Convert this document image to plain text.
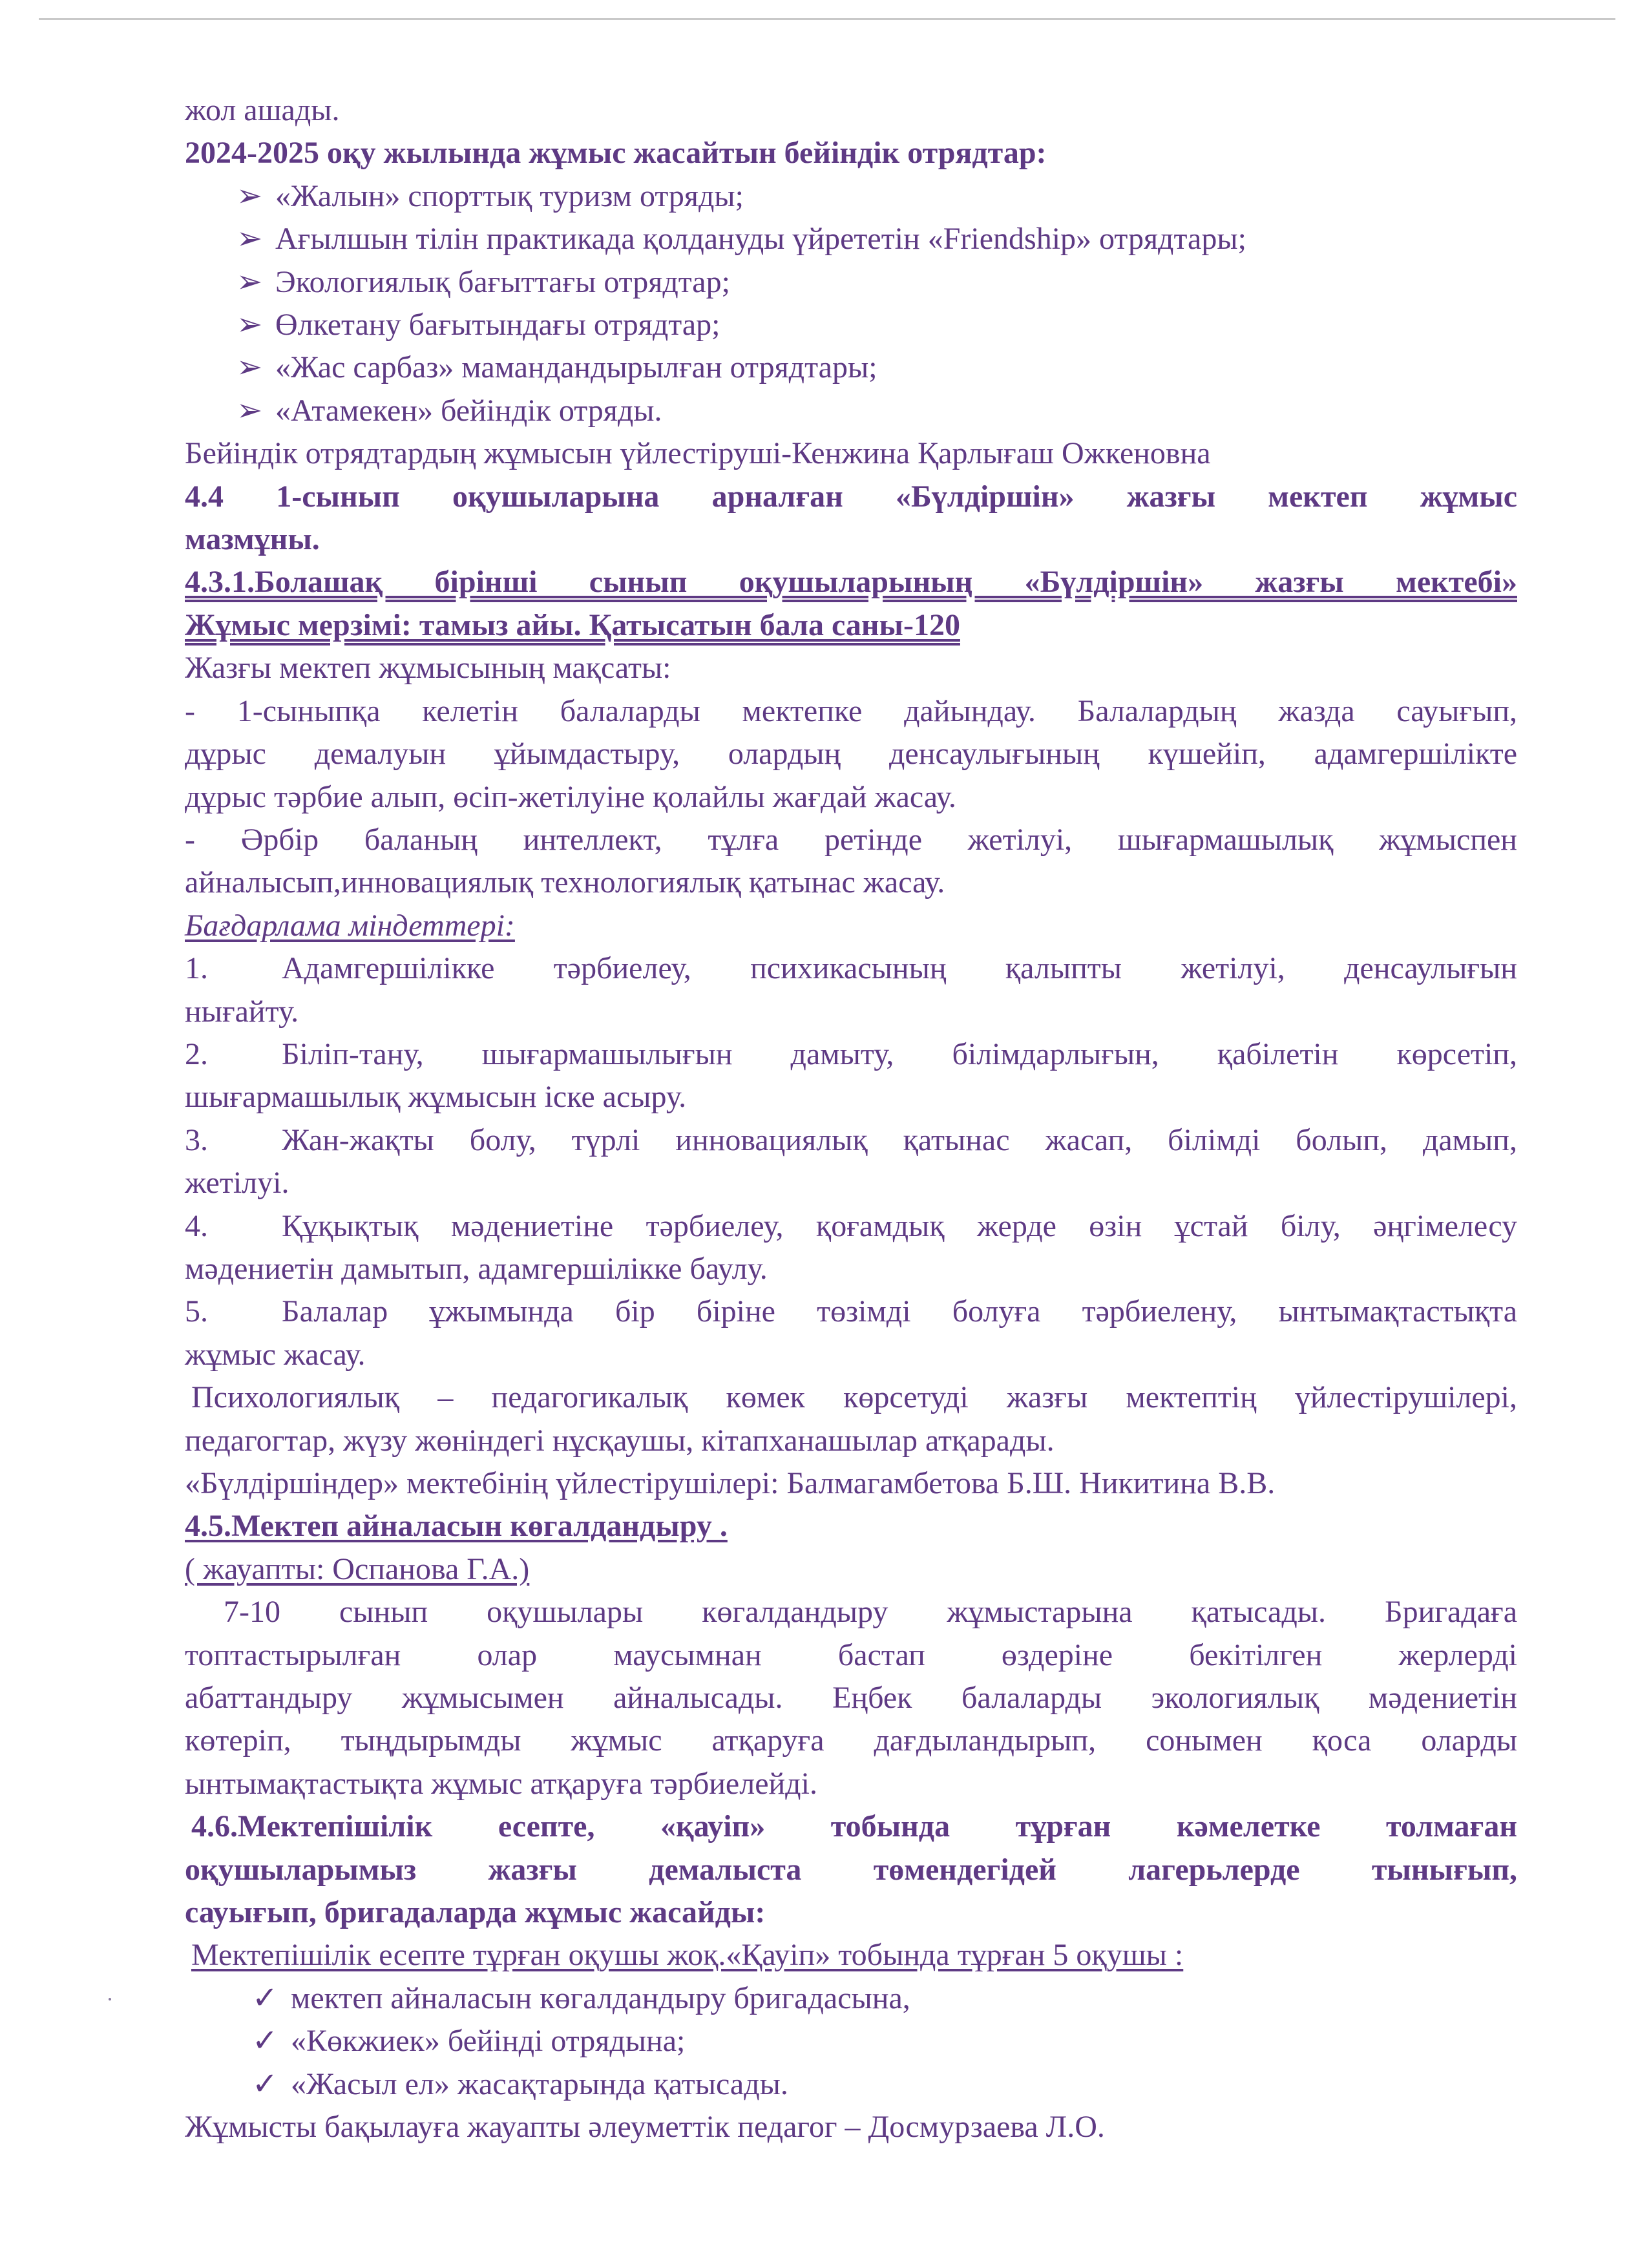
жол ашады.

2024-2025 оқу жылында жұмыс жасайтын бейіндік отрядтар:

➢ «Жалын» спорттық туризм отряды;

➢ Ағылшын тілін практикада қолдануды үйрететін «Friendship» отрядтары;

➢ Экологиялық бағыттағы отрядтар;

➢ Өлкетану бағытындағы отрядтар;

➢ «Жас сарбаз» мамандандырылған отрядтары;

➢ «Атамекен» бейіндік отряды.

Бейіндік отрядтардың жұмысын үйлестіруші-Кенжина Қарлығаш Ожкеновна

4.4 1-сынып оқушыларына арналған «Бүлдіршін» жазғы мектеп жұмыс

мазмұны.

4.3.1.Болашақ бірінші сынып оқушыларының «Бүлдіршін» жазғы мектебі»

Жұмыс мерзімі: тамыз айы. Қатысатын бала саны-120

Жазғы мектеп жұмысының мақсаты:

- 1-сыныпқа келетін балаларды мектепке дайындау. Балалардың жазда сауығып,

дұрыс демалуын ұйымдастыру, олардың денсаулығының күшейіп, адамгершілікте

дұрыс тәрбие алып, өсіп-жетілуіне қолайлы жағдай жасау.

- Әрбір баланың интеллект, тұлға ретінде жетілуі, шығармашылық жұмыспен

айналысып,инновациялық технологиялық қатынас жасау.

Бағдарлама міндеттері:

1. Адамгершілікке тәрбиелеу, психикасының қалыпты жетілуі, денсаулығын

нығайту.

2. Біліп-тану, шығармашылығын дамыту, білімдарлығын, қабілетін көрсетіп,

шығармашылық жұмысын іске асыру.

3. Жан-жақты болу, түрлі инновациялық қатынас жасап, білімді болып, дамып,

жетілуі.

4. Құқықтық мәдениетіне тәрбиелеу, қоғамдық жерде өзін ұстай білу, әңгімелесу

мәдениетін дамытып, адамгершілікке баулу.

5. Балалар ұжымында бір біріне төзімді болуға тәрбиелену, ынтымақтастықта

жұмыс жасау.

Психологиялық – педагогикалық көмек көрсетуді жазғы мектептің үйлестірушілері,

педагогтар, жүзу жөніндегі нұсқаушы, кітапханашылар атқарады.

«Бүлдіршіндер» мектебінің үйлестірушілері: Балмагамбетова Б.Ш. Никитина В.В.

4.5.Мектеп айналасын көгалдандыру .

( жауапты: Оспанова Г.А.)

7-10 сынып оқушылары көгалдандыру жұмыстарына қатысады. Бригадаға

топтастырылған олар маусымнан бастап өздеріне бекітілген жерлерді

абаттандыру жұмысымен айналысады. Еңбек балаларды экологиялық мәдениетін

көтеріп, тыңдырымды жұмыс атқаруға дағдыландырып, сонымен қоса оларды

ынтымақтастықта жұмыс атқаруға тәрбиелейді.

4.6.Мектепішілік есепте, «қауіп» тобында тұрған кәмелетке толмаған

оқушыларымыз жазғы демалыста төмендегідей лагерьлерде тынығып,

сауығып, бригадаларда жұмыс жасайды:

Мектепішілік есепте тұрған оқушы жоқ.«Қауіп» тобында тұрған 5 оқушы :

✓ мектеп айналасын көгалдандыру бригадасына,

✓ «Көкжиек» бейінді отрядына;

✓ «Жасыл ел» жасақтарында қатысады.

Жұмысты бақылауға жауапты әлеуметтік педагог – Досмурзаева Л.О.
